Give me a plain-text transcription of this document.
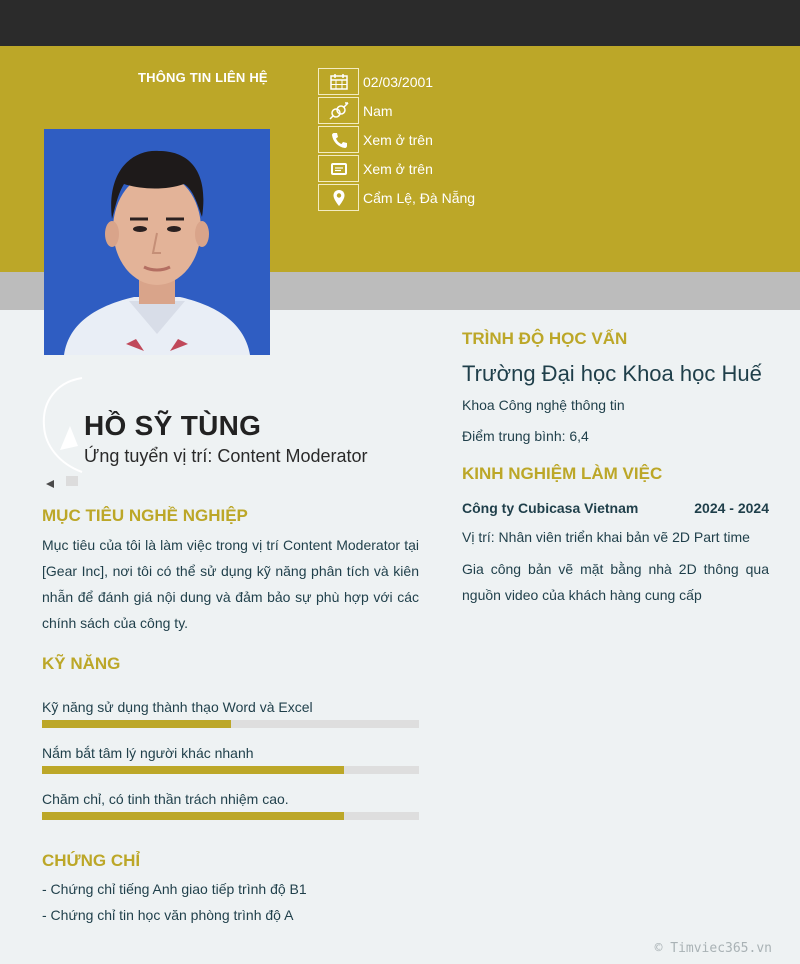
THÔNG TIN LIÊN HỆ	02/03/2001
Nam
Xem ở trên
Xem ở trên
Cẩm Lệ, Đà Nẵng
HỒ SỸ TÙNG
Ứng tuyển vị trí: Content Moderator
MỤC TIÊU NGHỀ NGHIỆP
Mục tiêu của tôi là làm việc trong vị trí Content Moderator tại [Gear Inc], nơi tôi có thể sử dụng kỹ năng phân tích và kiên nhẫn để đánh giá nội dung và đảm bảo sự phù hợp với các chính sách của công ty.
KỸ NĂNG
Kỹ năng sử dụng thành thạo Word và Excel
Nắm bắt tâm lý người khác nhanh
Chăm chỉ, có tinh thần trách nhiệm cao.
CHỨNG CHỈ
- Chứng chỉ tiếng Anh giao tiếp trình độ B1
- Chứng chỉ tin học văn phòng trình độ A
TRÌNH ĐỘ HỌC VẤN
Trường Đại học Khoa học Huế
Khoa Công nghệ thông tin
Điểm trung bình: 6,4
KINH NGHIỆM LÀM VIỆC
Công ty Cubicasa Vietnam	2024 - 2024
Vị trí: Nhân viên triển khai bản vẽ 2D Part time
Gia công bản vẽ mặt bằng nhà 2D thông qua nguồn video của khách hàng cung cấp
© Timviec365.vn
